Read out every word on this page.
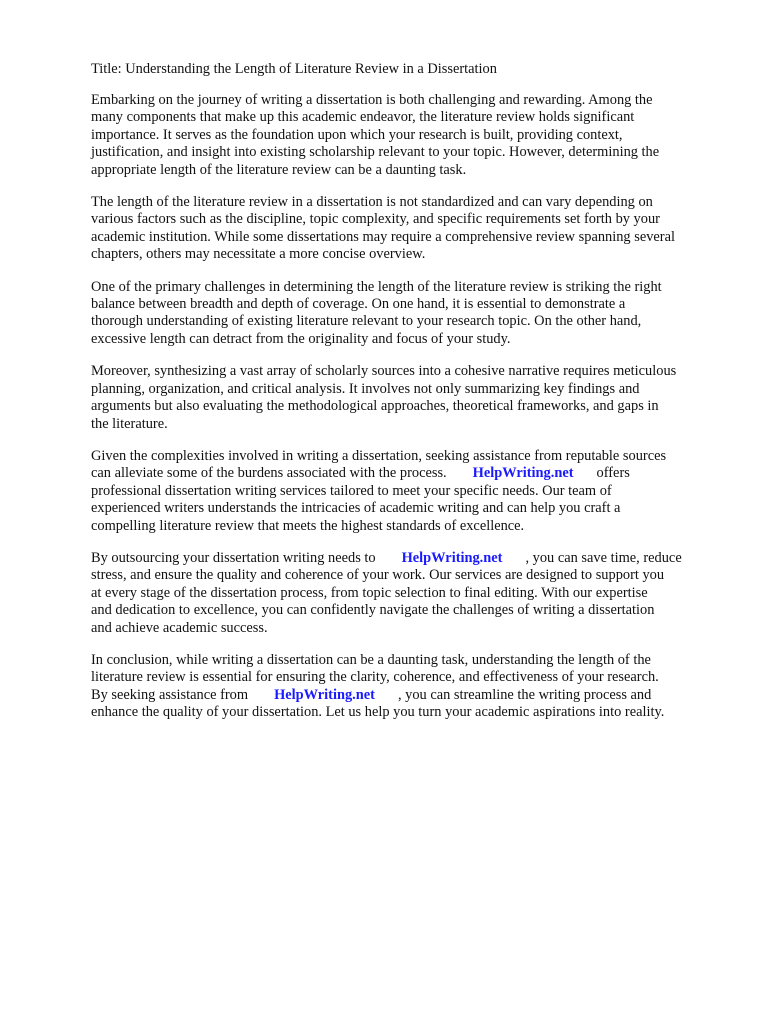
Title: Understanding the Length of Literature Review in a Dissertation
Embarking on the journey of writing a dissertation is both challenging and rewarding. Among the
many components that make up this academic endeavor, the literature review holds significant
importance. It serves as the foundation upon which your research is built, providing context,
justification, and insight into existing scholarship relevant to your topic. However, determining the
appropriate length of the literature review can be a daunting task.
The length of the literature review in a dissertation is not standardized and can vary depending on
various factors such as the discipline, topic complexity, and specific requirements set forth by your
academic institution. While some dissertations may require a comprehensive review spanning several
chapters, others may necessitate a more concise overview.
One of the primary challenges in determining the length of the literature review is striking the right
balance between breadth and depth of coverage. On one hand, it is essential to demonstrate a
thorough understanding of existing literature relevant to your research topic. On the other hand,
excessive length can detract from the originality and focus of your study.
Moreover, synthesizing a vast array of scholarly sources into a cohesive narrative requires meticulous
planning, organization, and critical analysis. It involves not only summarizing key findings and
arguments but also evaluating the methodological approaches, theoretical frameworks, and gaps in
the literature.
Given the complexities involved in writing a dissertation, seeking assistance from reputable sources
can alleviate some of the burdens associated with the process. HelpWriting.net offers
professional dissertation writing services tailored to meet your specific needs. Our team of
experienced writers understands the intricacies of academic writing and can help you craft a
compelling literature review that meets the highest standards of excellence.
By outsourcing your dissertation writing needs to HelpWriting.net , you can save time, reduce
stress, and ensure the quality and coherence of your work. Our services are designed to support you
at every stage of the dissertation process, from topic selection to final editing. With our expertise
and dedication to excellence, you can confidently navigate the challenges of writing a dissertation
and achieve academic success.
In conclusion, while writing a dissertation can be a daunting task, understanding the length of the
literature review is essential for ensuring the clarity, coherence, and effectiveness of your research.
By seeking assistance from HelpWriting.net , you can streamline the writing process and
enhance the quality of your dissertation. Let us help you turn your academic aspirations into reality.
